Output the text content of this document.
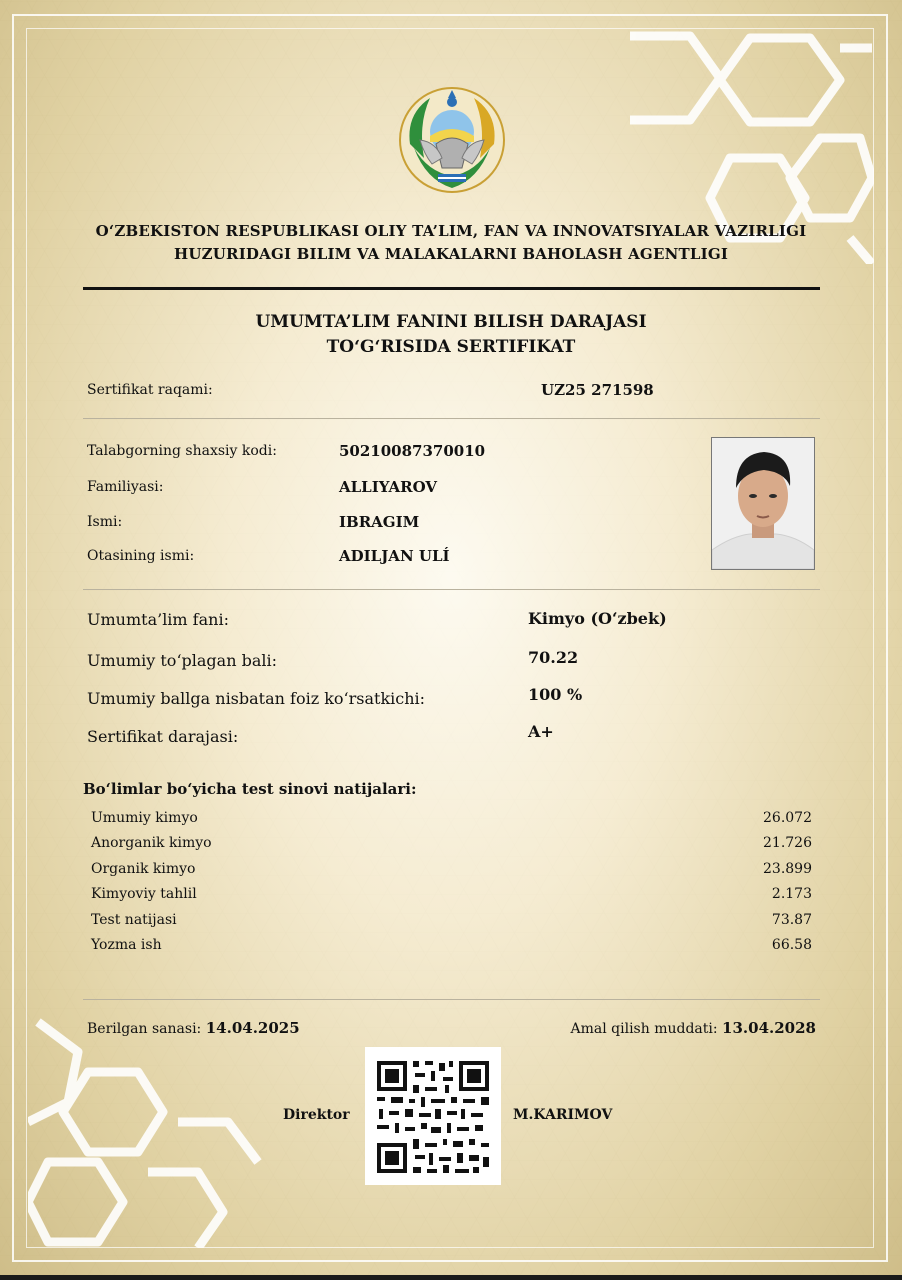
O‘ZBEKISTON RESPUBLIKASI OLIY TA’LIM, FAN VA INNOVATSIYALAR VAZIRLIGI
HUZURIDAGI BILIM VA MALAKALARNI BAHOLASH AGENTLIGI
UMUMTA’LIM FANINI BILISH DARAJASI
TO‘G‘RISIDA SERTIFIKAT
Sertifikat raqami:	UZ25 271598
Talabgorning shaxsiy kodi:	50210087370010
Familiyasi:	ALLIYAROV
Ismi:	IBRAGIM
Otasining ismi:	ADILJAN ULÍ
Umumta’lim fani:	Kimyo (O‘zbek)
Umumiy to‘plagan bali:	70.22
Umumiy ballga nisbatan foiz ko‘rsatkichi:	100 %
Sertifikat darajasi:	A+
Bo‘limlar bo‘yicha test sinovi natijalari:
Umumiy kimyo	26.072
Anorganik kimyo	21.726
Organik kimyo	23.899
Kimyoviy tahlil	2.173
Test natijasi	73.87
Yozma ish	66.58
Berilgan sanasi: 14.04.2025	Amal qilish muddati: 13.04.2028
Direktor	M.KARIMOV
